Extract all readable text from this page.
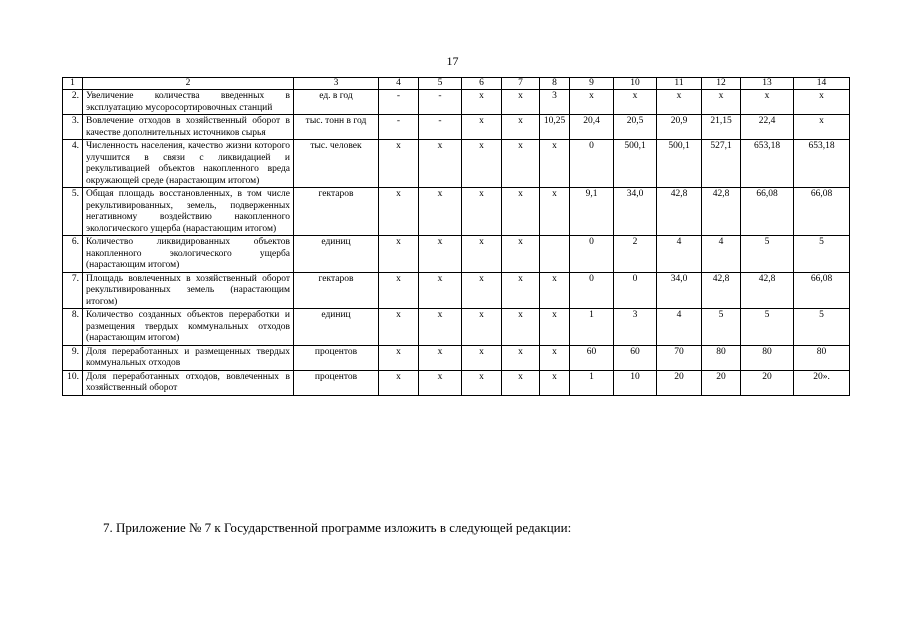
17
1	2	3	4	5	6	7	8	9	10	11	12	13	14
2.	Увеличение количества введенных в эксплуатацию мусоросортировочных станций	ед. в год	-	-	х	х	3	х	х	х	х	х	х
3.	Вовлечение отходов в хозяйственный оборот в качестве дополнительных источников сырья	тыс. тонн в год	-	-	х	х	10,25	20,4	20,5	20,9	21,15	22,4	х
4.	Численность населения, качество жизни которого улучшится в связи с ликвидацией и рекультивацией объектов накопленного вреда окружающей среде (нарастающим итогом)	тыс. человек	х	х	х	х	х	0	500,1	500,1	527,1	653,18	653,18
5.	Общая площадь восстановленных, в том числе рекультивированных, земель, подверженных негативному воздействию накопленного экологического ущерба (нарастающим итогом)	гектаров	х	х	х	х	х	9,1	34,0	42,8	42,8	66,08	66,08
6.	Количество ликвидированных объектов накопленного экологического ущерба (нарастающим итогом)	единиц	х	х	х	х		0	2	4	4	5	5
7.	Площадь вовлеченных в хозяйственный оборот рекультивированных земель (нарастающим итогом)	гектаров	х	х	х	х	х	0	0	34,0	42,8	42,8	66,08
8.	Количество созданных объектов переработки и размещения твердых коммунальных отходов (нарастающим итогом)	единиц	х	х	х	х	х	1	3	4	5	5	5
9.	Доля переработанных и размещенных твердых коммунальных отходов	процентов	х	х	х	х	х	60	60	70	80	80	80
10.	Доля переработанных отходов, вовлеченных в хозяйственный оборот	процентов	х	х	х	х	х	1	10	20	20	20	20».
7. Приложение № 7 к Государственной программе изложить в следующей редакции:
